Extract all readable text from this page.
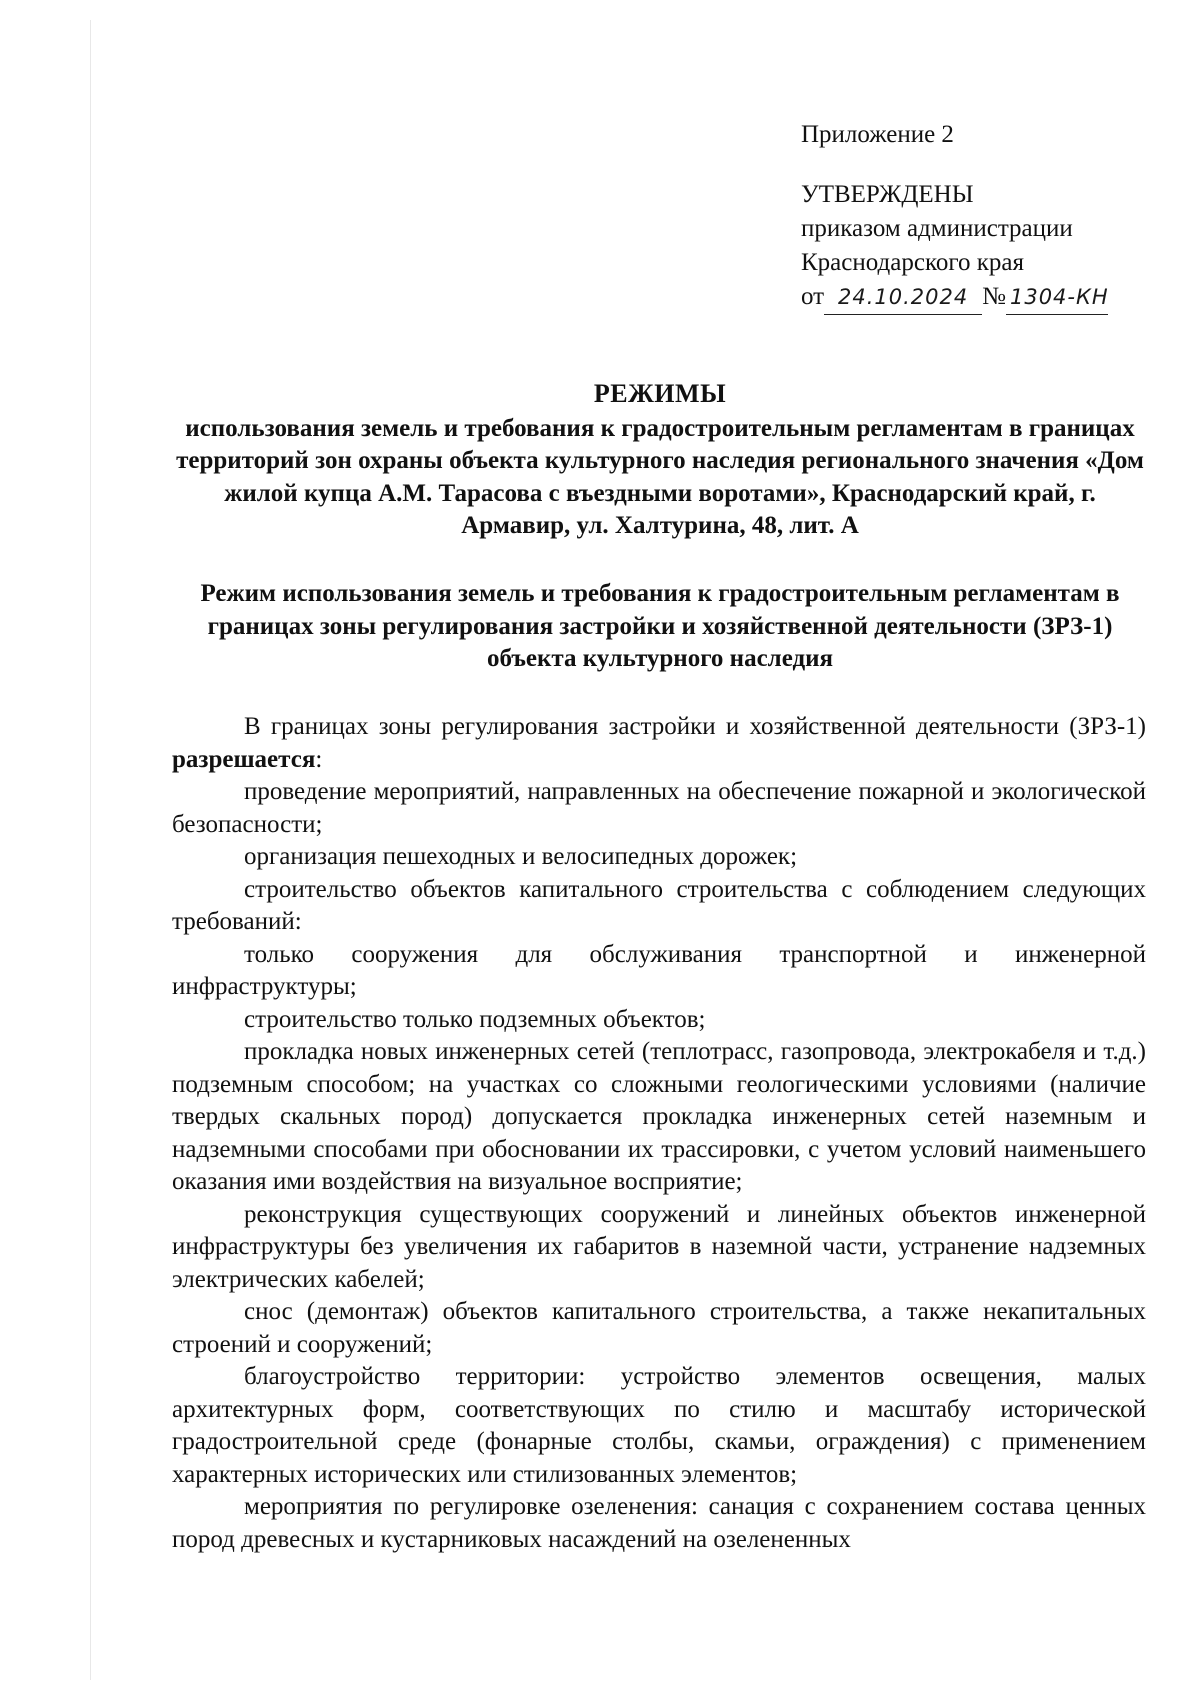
Приложение 2
УТВЕРЖДЕНЫ
приказом администрации
Краснодарского края
от 24.10.2024 № 1304-КН
РЕЖИМЫ
использования земель и требования к градостроительным регламентам в границах территорий зон охраны объекта культурного наследия регионального значения «Дом жилой купца А.М. Тарасова с въездными воротами», Краснодарский край, г. Армавир, ул. Халтурина, 48, лит. А
Режим использования земель и требования к градостроительным регламентам в границах зоны регулирования застройки и хозяйственной деятельности (ЗРЗ-1) объекта культурного наследия

В границах зоны регулирования застройки и хозяйственной деятельности (ЗРЗ-1) разрешается:

проведение мероприятий, направленных на обеспечение пожарной и экологической безопасности;

организация пешеходных и велосипедных дорожек;

строительство объектов капитального строительства с соблюдением следующих требований:

только сооружения для обслуживания транспортной и инженерной инфраструктуры;

строительство только подземных объектов;

прокладка новых инженерных сетей (теплотрасс, газопровода, электрокабеля и т.д.) подземным способом; на участках со сложными геологическими условиями (наличие твердых скальных пород) допускается прокладка инженерных сетей наземным и надземными способами при обосновании их трассировки, с учетом условий наименьшего оказания ими воздействия на визуальное восприятие;

реконструкция существующих сооружений и линейных объектов инженерной инфраструктуры без увеличения их габаритов в наземной части, устранение надземных электрических кабелей;

снос (демонтаж) объектов капитального строительства, а также некапитальных строений и сооружений;

благоустройство территории: устройство элементов освещения, малых архитектурных форм, соответствующих по стилю и масштабу исторической градостроительной среде (фонарные столбы, скамьи, ограждения) с применением характерных исторических или стилизованных элементов;

мероприятия по регулировке озеленения: санация с сохранением состава ценных пород древесных и кустарниковых насаждений на озелененных
